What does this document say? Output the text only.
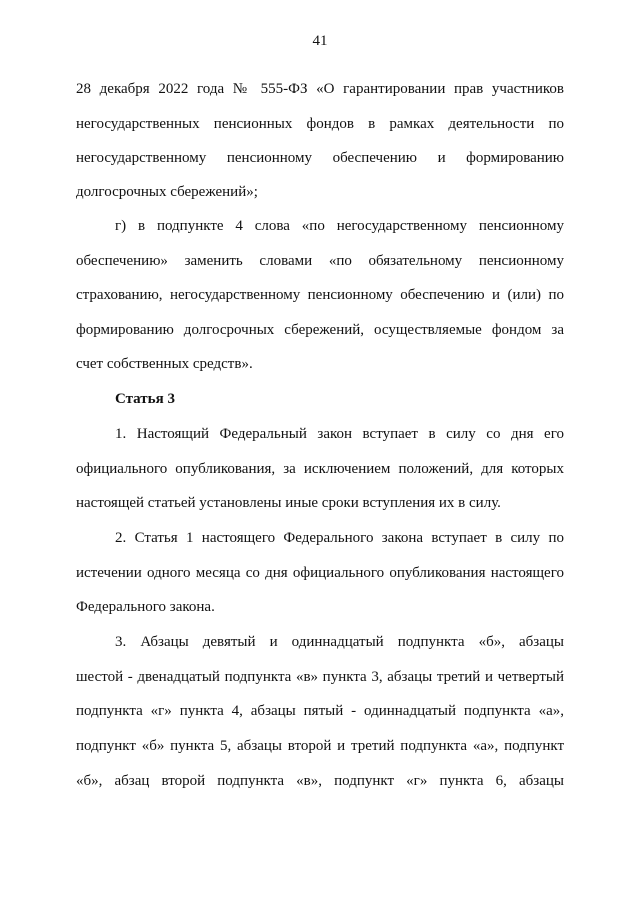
41
28 декабря 2022 года № 555-ФЗ «О гарантировании прав участников
негосударственных пенсионных фондов в рамках деятельности по
негосударственному пенсионному обеспечению и формированию
долгосрочных сбережений»;
г) в подпункте 4 слова «по негосударственному пенсионному
обеспечению» заменить словами «по обязательному пенсионному
страхованию, негосударственному пенсионному обеспечению и (или) по
формированию долгосрочных сбережений, осуществляемые фондом за
счет собственных средств».
Статья 3
1. Настоящий Федеральный закон вступает в силу со дня его
официального опубликования, за исключением положений, для которых
настоящей статьей установлены иные сроки вступления их в силу.
2. Статья 1 настоящего Федерального закона вступает в силу по
истечении одного месяца со дня официального опубликования настоящего
Федерального закона.
3. Абзацы девятый и одиннадцатый подпункта «б», абзацы
шестой - двенадцатый подпункта «в» пункта 3, абзацы третий и четвертый
подпункта «г» пункта 4, абзацы пятый - одиннадцатый подпункта «а»,
подпункт «б» пункта 5, абзацы второй и третий подпункта «а», подпункт
«б», абзац второй подпункта «в», подпункт «г» пункта 6, абзацы
